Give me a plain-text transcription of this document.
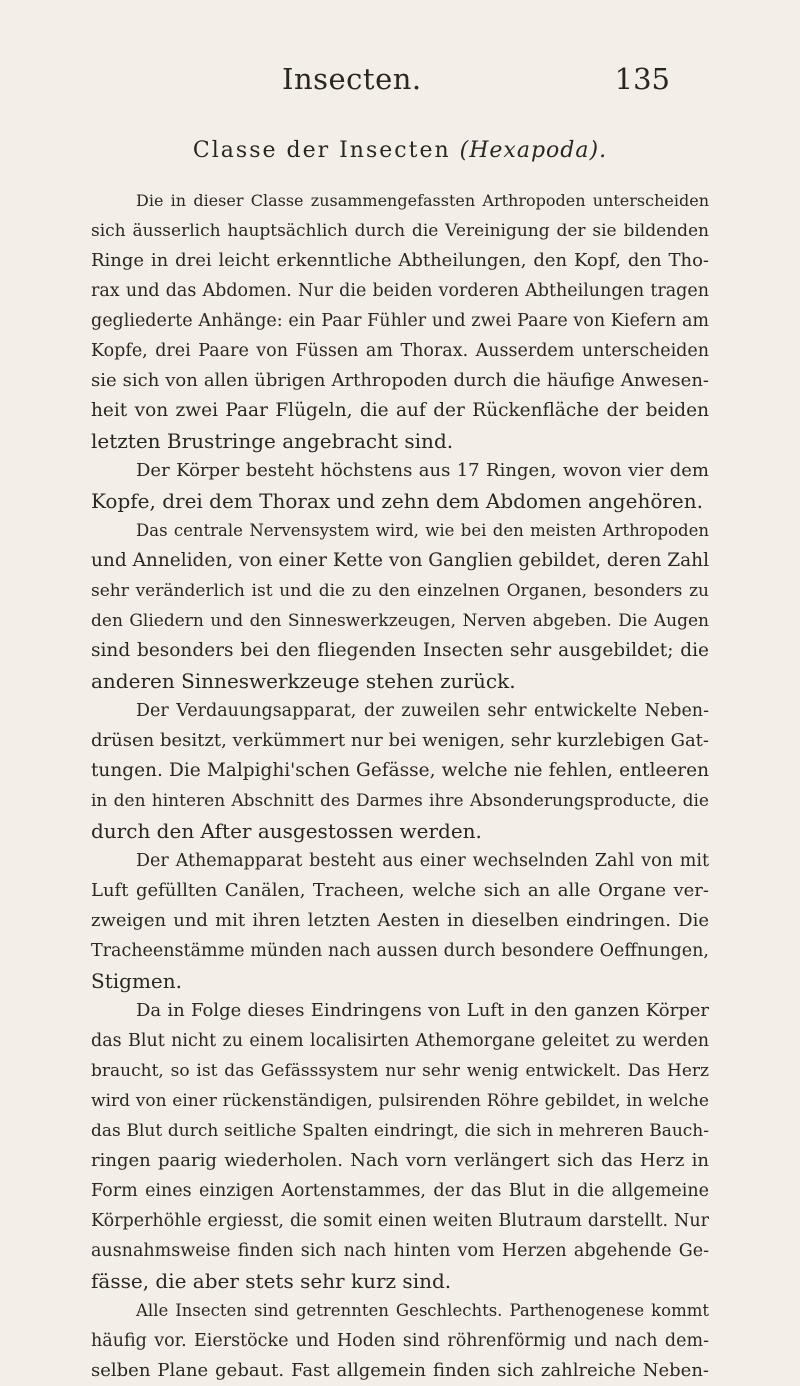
Insecten.	135
Classe der Insecten (Hexapoda).
Die in dieser Classe zusammengefassten Arthropoden unterscheiden
sich äusserlich hauptsächlich durch die Vereinigung der sie bildenden
Ringe in drei leicht erkenntliche Abtheilungen, den Kopf, den Tho-
rax und das Abdomen. Nur die beiden vorderen Abtheilungen tragen
gegliederte Anhänge: ein Paar Fühler und zwei Paare von Kiefern am
Kopfe, drei Paare von Füssen am Thorax. Ausserdem unterscheiden
sie sich von allen übrigen Arthropoden durch die häufige Anwesen-
heit von zwei Paar Flügeln, die auf der Rückenfläche der beiden
letzten Brustringe angebracht sind.
Der Körper besteht höchstens aus 17 Ringen, wovon vier dem
Kopfe, drei dem Thorax und zehn dem Abdomen angehören.
Das centrale Nervensystem wird, wie bei den meisten Arthropoden
und Anneliden, von einer Kette von Ganglien gebildet, deren Zahl
sehr veränderlich ist und die zu den einzelnen Organen, besonders zu
den Gliedern und den Sinneswerkzeugen, Nerven abgeben. Die Augen
sind besonders bei den fliegenden Insecten sehr ausgebildet; die
anderen Sinneswerkzeuge stehen zurück.
Der Verdauungsapparat, der zuweilen sehr entwickelte Neben-
drüsen besitzt, verkümmert nur bei wenigen, sehr kurzlebigen Gat-
tungen. Die Malpighi'schen Gefässe, welche nie fehlen, entleeren
in den hinteren Abschnitt des Darmes ihre Absonderungsproducte, die
durch den After ausgestossen werden.
Der Athemapparat besteht aus einer wechselnden Zahl von mit
Luft gefüllten Canälen, Tracheen, welche sich an alle Organe ver-
zweigen und mit ihren letzten Aesten in dieselben eindringen. Die
Tracheenstämme münden nach aussen durch besondere Oeffnungen,
Stigmen.
Da in Folge dieses Eindringens von Luft in den ganzen Körper
das Blut nicht zu einem localisirten Athemorgane geleitet zu werden
braucht, so ist das Gefässsystem nur sehr wenig entwickelt. Das Herz
wird von einer rückenständigen, pulsirenden Röhre gebildet, in welche
das Blut durch seitliche Spalten eindringt, die sich in mehreren Bauch-
ringen paarig wiederholen. Nach vorn verlängert sich das Herz in
Form eines einzigen Aortenstammes, der das Blut in die allgemeine
Körperhöhle ergiesst, die somit einen weiten Blutraum darstellt. Nur
ausnahmsweise finden sich nach hinten vom Herzen abgehende Ge-
fässe, die aber stets sehr kurz sind.
Alle Insecten sind getrennten Geschlechts. Parthenogenese kommt
häufig vor. Eierstöcke und Hoden sind röhrenförmig und nach dem-
selben Plane gebaut. Fast allgemein finden sich zahlreiche Neben-
